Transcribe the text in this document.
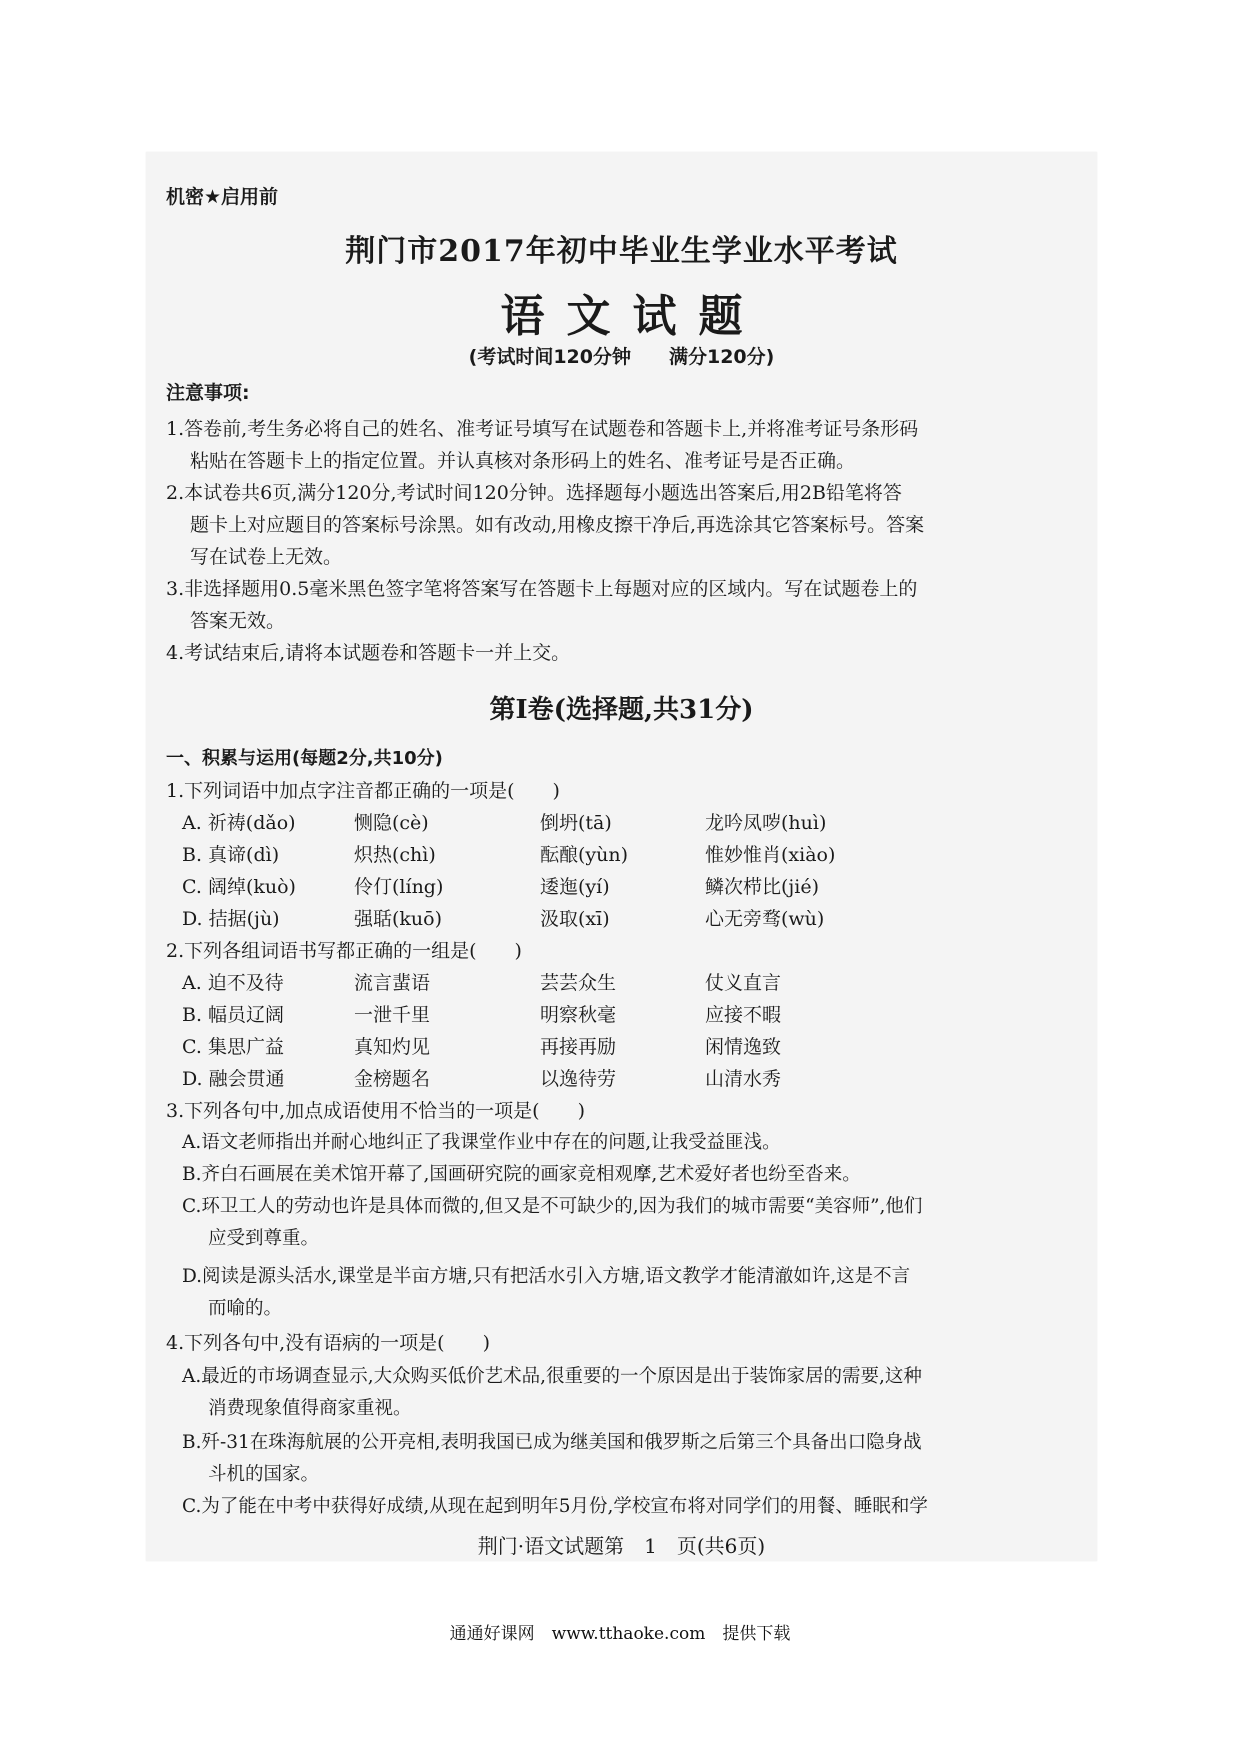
机密★启用前
荆门市2017年初中毕业生学业水平考试
语文试题
(考试时间120分钟　　满分120分)
注意事项:
1.答卷前,考生务必将自己的姓名、准考证号填写在试题卷和答题卡上,并将准考证号条形码
粘贴在答题卡上的指定位置。并认真核对条形码上的姓名、准考证号是否正确。
2.本试卷共6页,满分120分,考试时间120分钟。选择题每小题选出答案后,用2B铅笔将答
题卡上对应题目的答案标号涂黑。如有改动,用橡皮擦干净后,再选涂其它答案标号。答案
写在试卷上无效。
3.非选择题用0.5毫米黑色签字笔将答案写在答题卡上每题对应的区域内。写在试题卷上的
答案无效。
4.考试结束后,请将本试题卷和答题卡一并上交。
第Ⅰ卷(选择题,共31分)
一、积累与运用(每题2分,共10分)
1.下列词语中加点字注音都正确的一项是(　　)
A. 祈祷(dǎo)	恻隐(cè)	倒坍(tā)	龙吟凤哕(huì)
B. 真谛(dì)	炽热(chì)	酝酿(yùn)	惟妙惟肖(xiào)
C. 阔绰(kuò)	伶仃(líng)	逶迤(yí)	鳞次栉比(jié)
D. 拮据(jù)	强聒(kuō)	汲取(xī)	心无旁骛(wù)
2.下列各组词语书写都正确的一组是(　　)
A. 迫不及待	流言蜚语	芸芸众生	仗义直言
B. 幅员辽阔	一泄千里	明察秋毫	应接不暇
C. 集思广益	真知灼见	再接再励	闲情逸致
D. 融会贯通	金榜题名	以逸待劳	山清水秀
3.下列各句中,加点成语使用不恰当的一项是(　　)
A.语文老师指出并耐心地纠正了我课堂作业中存在的问题,让我受益匪浅。
B.齐白石画展在美术馆开幕了,国画研究院的画家竞相观摩,艺术爱好者也纷至沓来。
C.环卫工人的劳动也许是具体而微的,但又是不可缺少的,因为我们的城市需要“美容师”,他们
应受到尊重。
D.阅读是源头活水,课堂是半亩方塘,只有把活水引入方塘,语文教学才能清澈如许,这是不言
而喻的。
4.下列各句中,没有语病的一项是(　　)
A.最近的市场调查显示,大众购买低价艺术品,很重要的一个原因是出于装饰家居的需要,这种
消费现象值得商家重视。
B.歼-31在珠海航展的公开亮相,表明我国已成为继美国和俄罗斯之后第三个具备出口隐身战
斗机的国家。
C.为了能在中考中获得好成绩,从现在起到明年5月份,学校宣布将对同学们的用餐、睡眠和学
荆门·语文试题第　1　页(共6页)
通通好课网　www.tthaoke.com　提供下载
